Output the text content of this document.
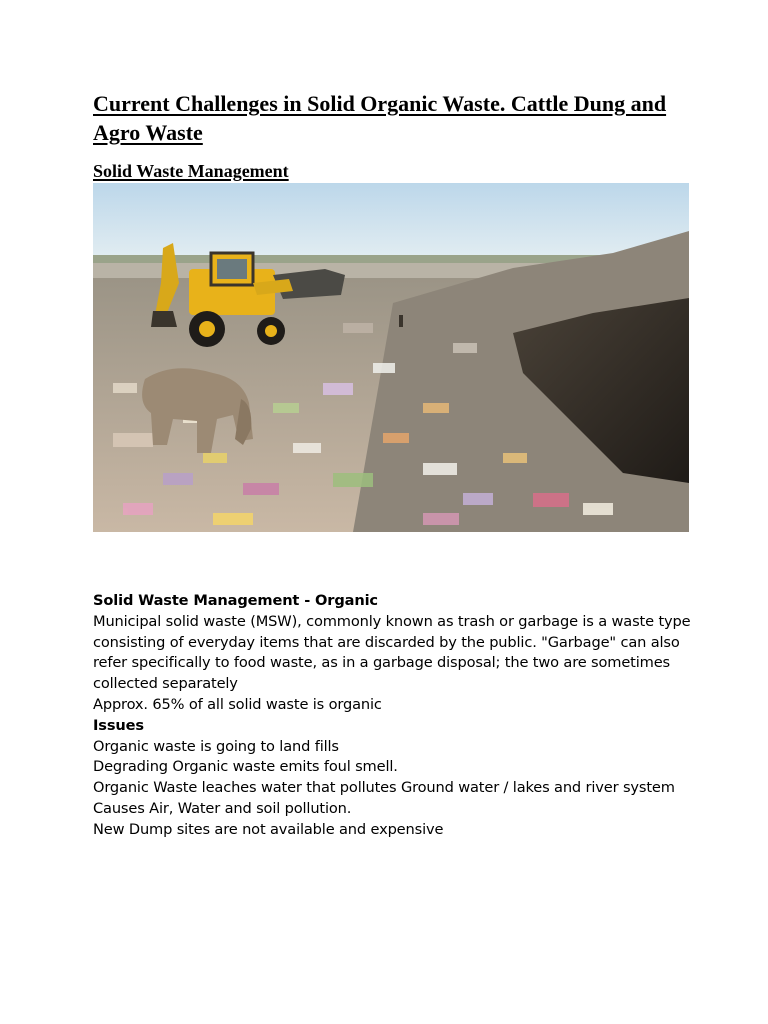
Current Challenges in Solid Organic Waste. Cattle Dung and Agro Waste
Solid Waste Management

Solid Waste Management - Organic

Municipal solid waste (MSW), commonly known as trash or garbage is a waste type consisting of everyday items that are discarded by the public. "Garbage" can also refer specifically to food waste, as in a garbage disposal; the two are sometimes collected separately

Approx. 65% of all solid waste is organic

Issues

Organic waste is going to land fills

Degrading Organic waste emits foul smell.

Organic Waste leaches water that pollutes Ground water / lakes and river system

Causes Air, Water and soil pollution.

New Dump sites are not available and expensive
